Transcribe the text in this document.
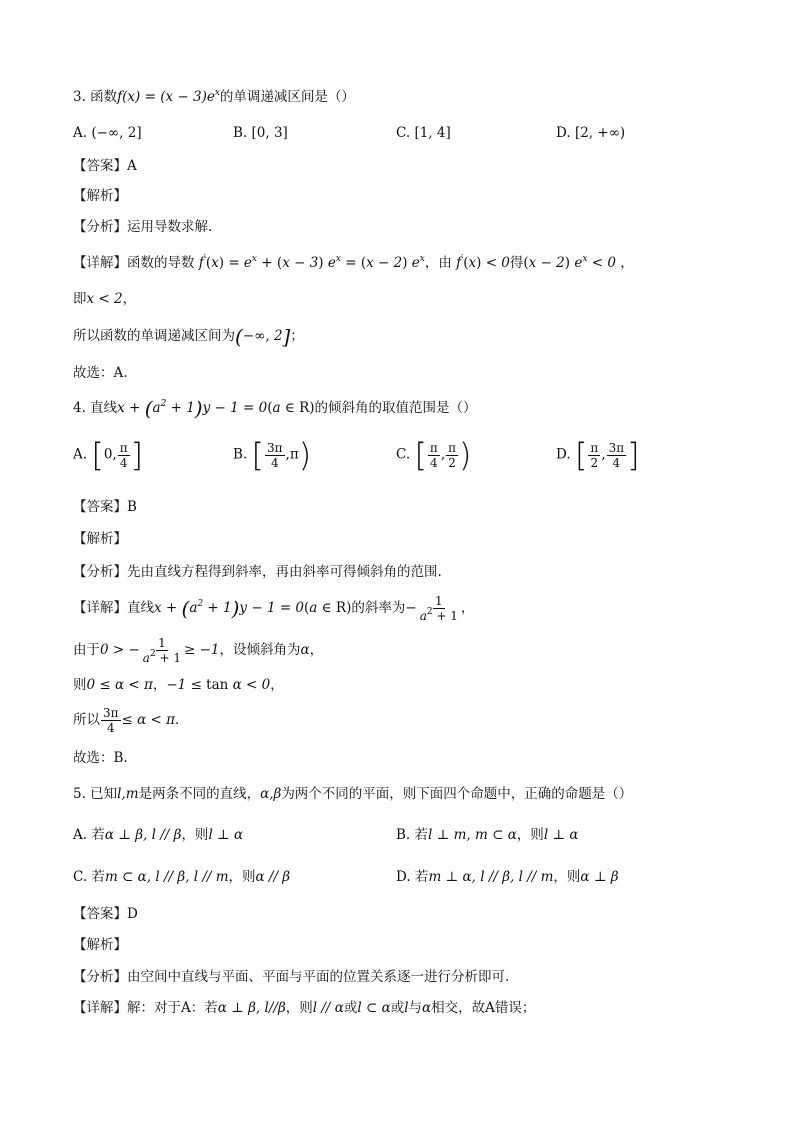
3. 函数$f(x) = (x - 3)e^x$的单调递减区间是（）
A. (−∞, 2]	B. [0, 3]	C. [1, 4]	D. [2, +∞)
【答案】A
【解析】
【分析】运用导数求解.
【详解】函数的导数 $f'(x) = e^x + (x - 3) e^x = (x - 2)$ $e^x$，由 f′(x) < 0得(x − 2) $e^x < 0$ ，
即x < 2，
所以函数的单调递减区间为(−∞, 2]；
故选：A.
4. 直线$x + (a^2 + 1)y - 1 = 0(a$ ∈ R)的倾斜角的取值范围是（）
A. [0, $\frac{\pi}{4}$ ]	B. [ $\frac{3\pi}{4} ,\pi$)	C. [ $\frac{\pi}{4}$ , $\frac{\pi}{2}$ )	D. [ $\frac{\pi}{2}$ , $\frac{3\pi}{4}$ ]
【答案】B
【解析】
【分析】先由直线方程得到斜率，再由斜率可得倾斜角的范围.
【详解】直线$x + (a^2 + 1)y - 1 = 0(a$ ∈ R)的斜率为− $\frac{1}{a^2 + 1}$ ，
由于0 > − $\frac{1}{a^2 + 1} \ge -1$，设倾斜角为α，
则0 ≤ α < π，−1 ≤ tan α < 0，
所以 $\frac{3\pi}{4} \le \alpha < \pi$.
故选：B.
5. 已知l,m是两条不同的直线，α,β为两个不同的平面，则下面四个命题中，正确的命题是（）
A. 若α ⊥ β, l // β，则l ⊥ α	B. 若l ⊥ m, m ⊂ α，则l ⊥ α
C. 若m ⊂ α, l // β, l // m，则α // β	D. 若m ⊥ α, l // β, l // m，则α ⊥ β
【答案】D
【解析】
【分析】由空间中直线与平面、平面与平面的位置关系逐一进行分析即可.
【详解】解：对于A：若α ⊥ β, l//β，则l // α或l ⊂ α或l与α相交，故A错误；
